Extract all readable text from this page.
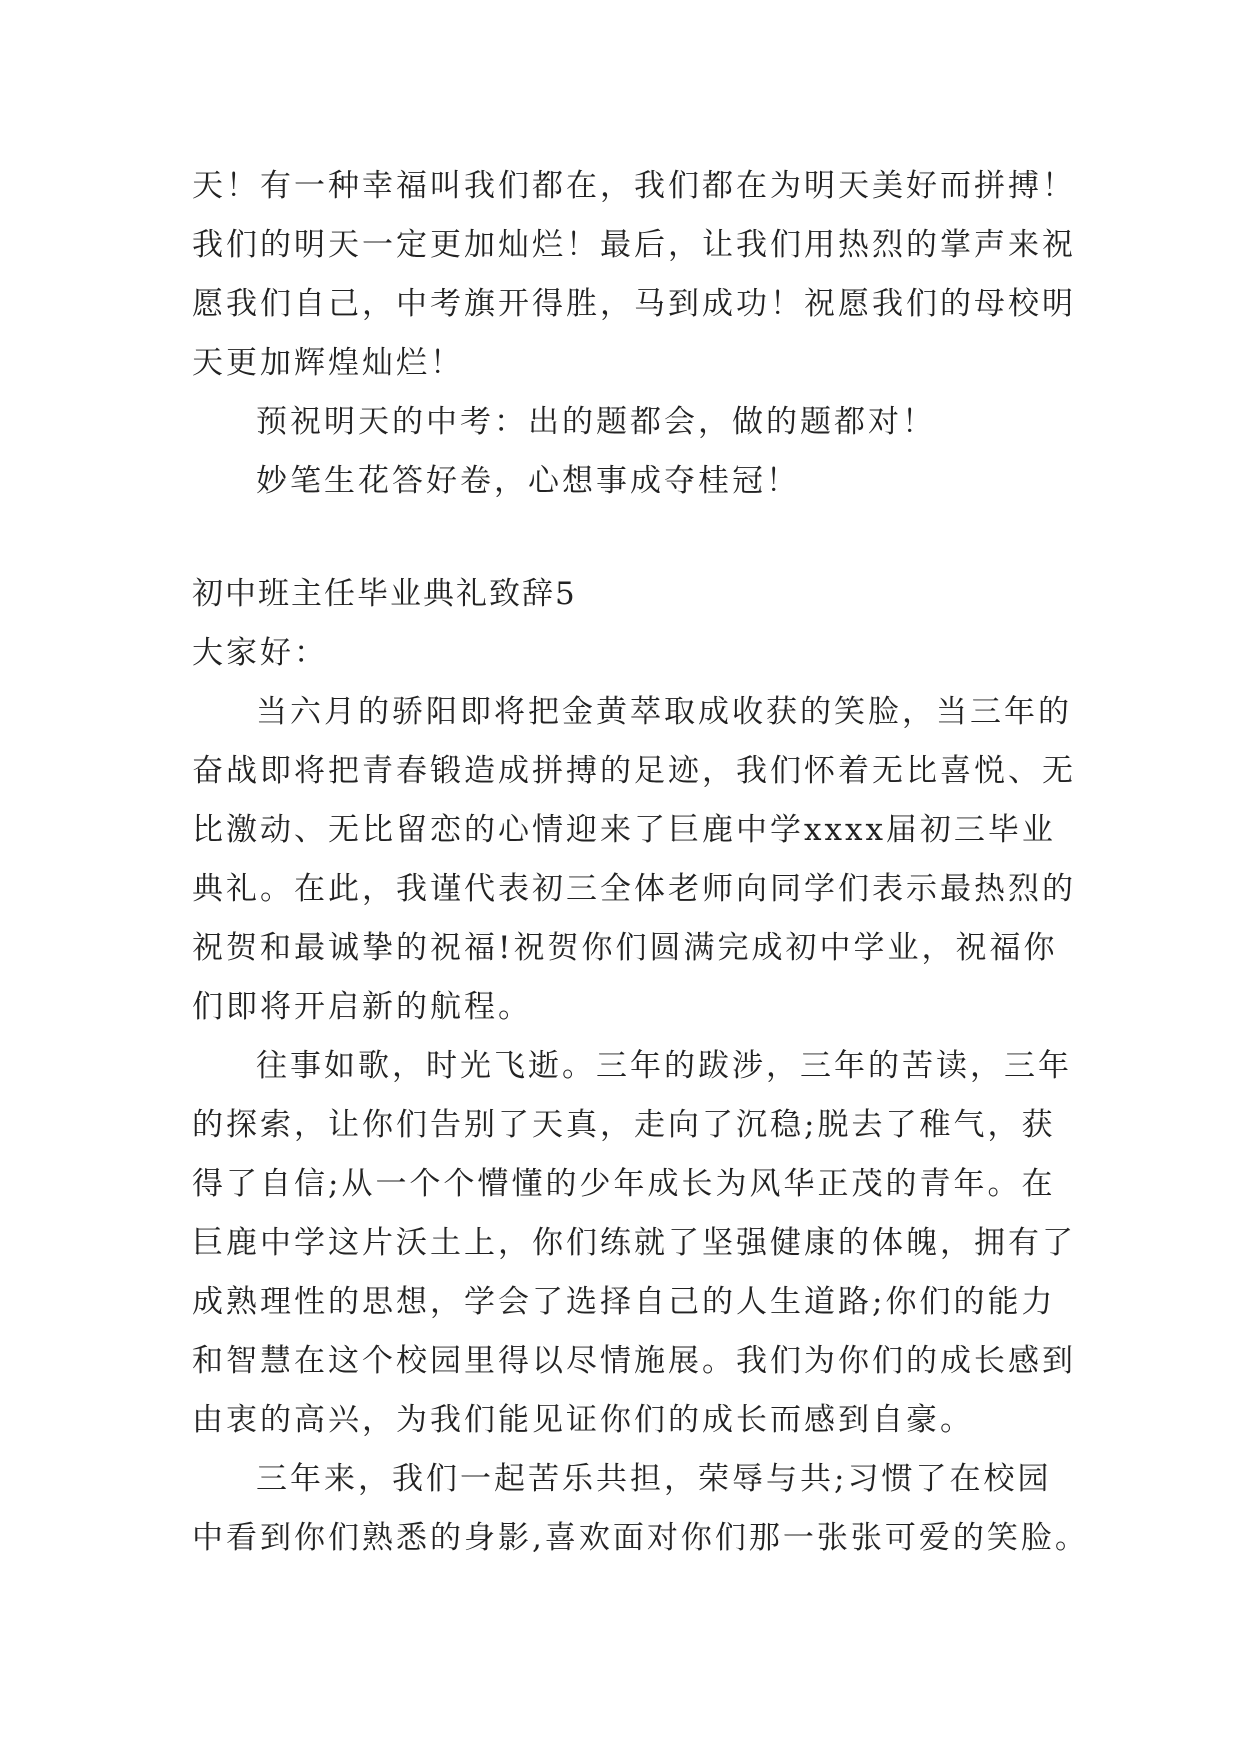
天！有一种幸福叫我们都在，我们都在为明天美好而拼搏！
我们的明天一定更加灿烂！最后，让我们用热烈的掌声来祝
愿我们自己，中考旗开得胜，马到成功！祝愿我们的母校明
天更加辉煌灿烂！
预祝明天的中考：出的题都会，做的题都对！
妙笔生花答好卷，心想事成夺桂冠！
初中班主任毕业典礼致辞5
大家好：
当六月的骄阳即将把金黄萃取成收获的笑脸，当三年的
奋战即将把青春锻造成拼搏的足迹，我们怀着无比喜悦、无
比激动、无比留恋的心情迎来了巨鹿中学xxxx届初三毕业
典礼。在此，我谨代表初三全体老师向同学们表示最热烈的
祝贺和最诚挚的祝福!祝贺你们圆满完成初中学业，祝福你
们即将开启新的航程。
往事如歌，时光飞逝。三年的跋涉，三年的苦读，三年
的探索，让你们告别了天真，走向了沉稳;脱去了稚气，获
得了自信;从一个个懵懂的少年成长为风华正茂的青年。在
巨鹿中学这片沃土上，你们练就了坚强健康的体魄，拥有了
成熟理性的思想，学会了选择自己的人生道路;你们的能力
和智慧在这个校园里得以尽情施展。我们为你们的成长感到
由衷的高兴，为我们能见证你们的成长而感到自豪。
三年来，我们一起苦乐共担，荣辱与共;习惯了在校园
中看到你们熟悉的身影,喜欢面对你们那一张张可爱的笑脸。
